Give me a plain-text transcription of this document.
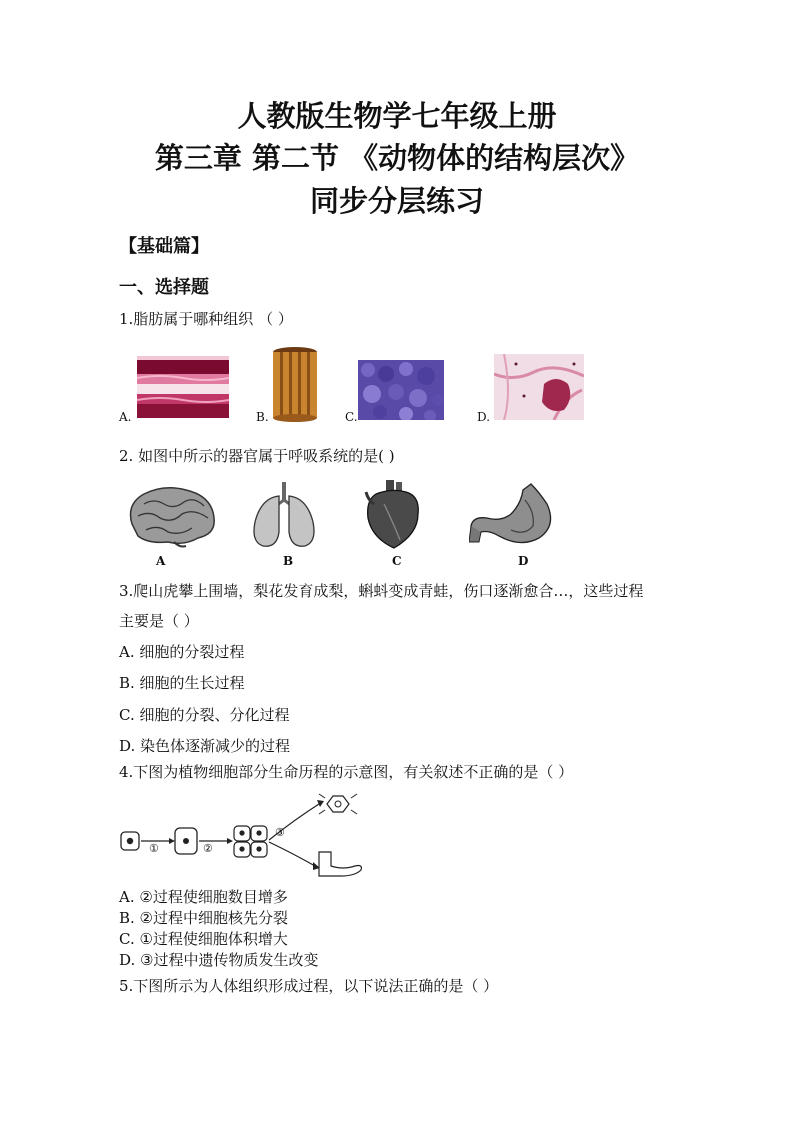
人教版生物学七年级上册
第三章 第二节 《动物体的结构层次》
同步分层练习
【基础篇】
一、选择题
1.脂肪属于哪种组织 （ ）
A.	B.	C.	D.
2. 如图中所示的器官属于呼吸系统的是( )
A	B	C	D
3.爬山虎攀上围墙，梨花发育成梨，蝌蚪变成青蛙，伤口逐渐愈合…，这些过程
主要是（ ）
A. 细胞的分裂过程
B. 细胞的生长过程
C. 细胞的分裂、分化过程
D. 染色体逐渐减少的过程
4.下图为植物细胞部分生命历程的示意图，有关叙述不正确的是（ ）
①	②
③
A. ②过程使细胞数目增多
B. ②过程中细胞核先分裂
C. ①过程使细胞体积增大
D. ③过程中遗传物质发生改变
5.下图所示为人体组织形成过程，以下说法正确的是（ ）
